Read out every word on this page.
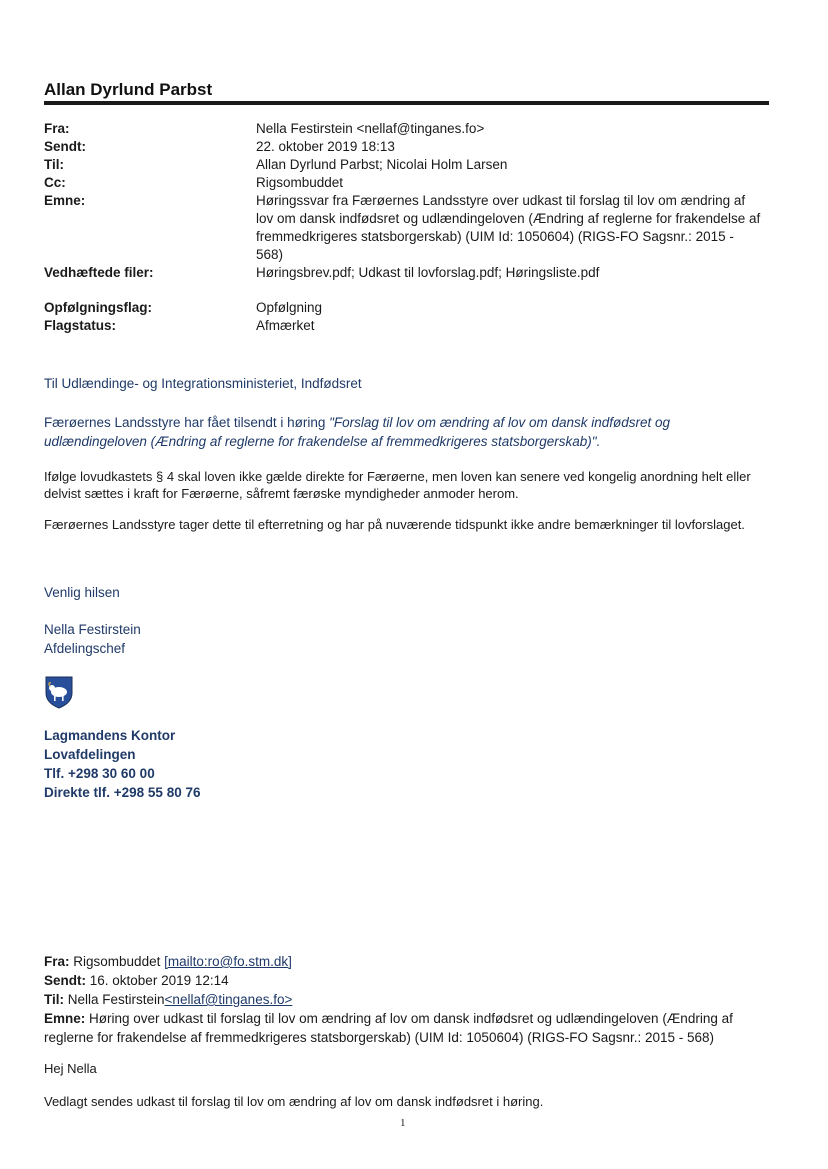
Allan Dyrlund Parbst
Fra:	Nella Festirstein <nellaf@tinganes.fo>
Sendt:	22. oktober 2019 18:13
Til:	Allan Dyrlund Parbst; Nicolai Holm Larsen
Cc:	Rigsombuddet
Emne:	Høringssvar fra Færøernes Landsstyre over udkast til forslag til lov om ændring af lov om dansk indfødsret og udlændingeloven (Ændring af reglerne for frakendelse af fremmedkrigeres statsborgerskab) (UIM Id: 1050604) (RIGS-FO Sagsnr.: 2015 - 568)
Vedhæftede filer:	Høringsbrev.pdf; Udkast til lovforslag.pdf; Høringsliste.pdf
Opfølgningsflag:	Opfølgning
Flagstatus:	Afmærket
Til Udlændinge- og Integrationsministeriet, Indfødsret
Færøernes Landsstyre har fået tilsendt i høring "Forslag til lov om ændring af lov om dansk indfødsret og udlændingeloven (Ændring af reglerne for frakendelse af fremmedkrigeres statsborgerskab)".
Ifølge lovudkastets § 4 skal loven ikke gælde direkte for Færøerne, men loven kan senere ved kongelig anordning helt eller delvist sættes i kraft for Færøerne, såfremt færøske myndigheder anmoder herom.
Færøernes Landsstyre tager dette til efterretning og har på nuværende tidspunkt ikke andre bemærkninger til lovforslaget.
Venlig hilsen
Nella Festirstein
Afdelingschef
Lagmandens Kontor
Lovafdelingen
Tlf. +298 30 60 00
Direkte tlf. +298 55 80 76
Fra: Rigsombuddet [mailto:ro@fo.stm.dk]
Sendt: 16. oktober 2019 12:14
Til: Nella Festirstein<nellaf@tinganes.fo>
Emne: Høring over udkast til forslag til lov om ændring af lov om dansk indfødsret og udlændingeloven (Ændring af reglerne for frakendelse af fremmedkrigeres statsborgerskab) (UIM Id: 1050604) (RIGS-FO Sagsnr.: 2015 - 568)
Hej Nella
Vedlagt sendes udkast til forslag til lov om ændring af lov om dansk indfødsret i høring.
1
